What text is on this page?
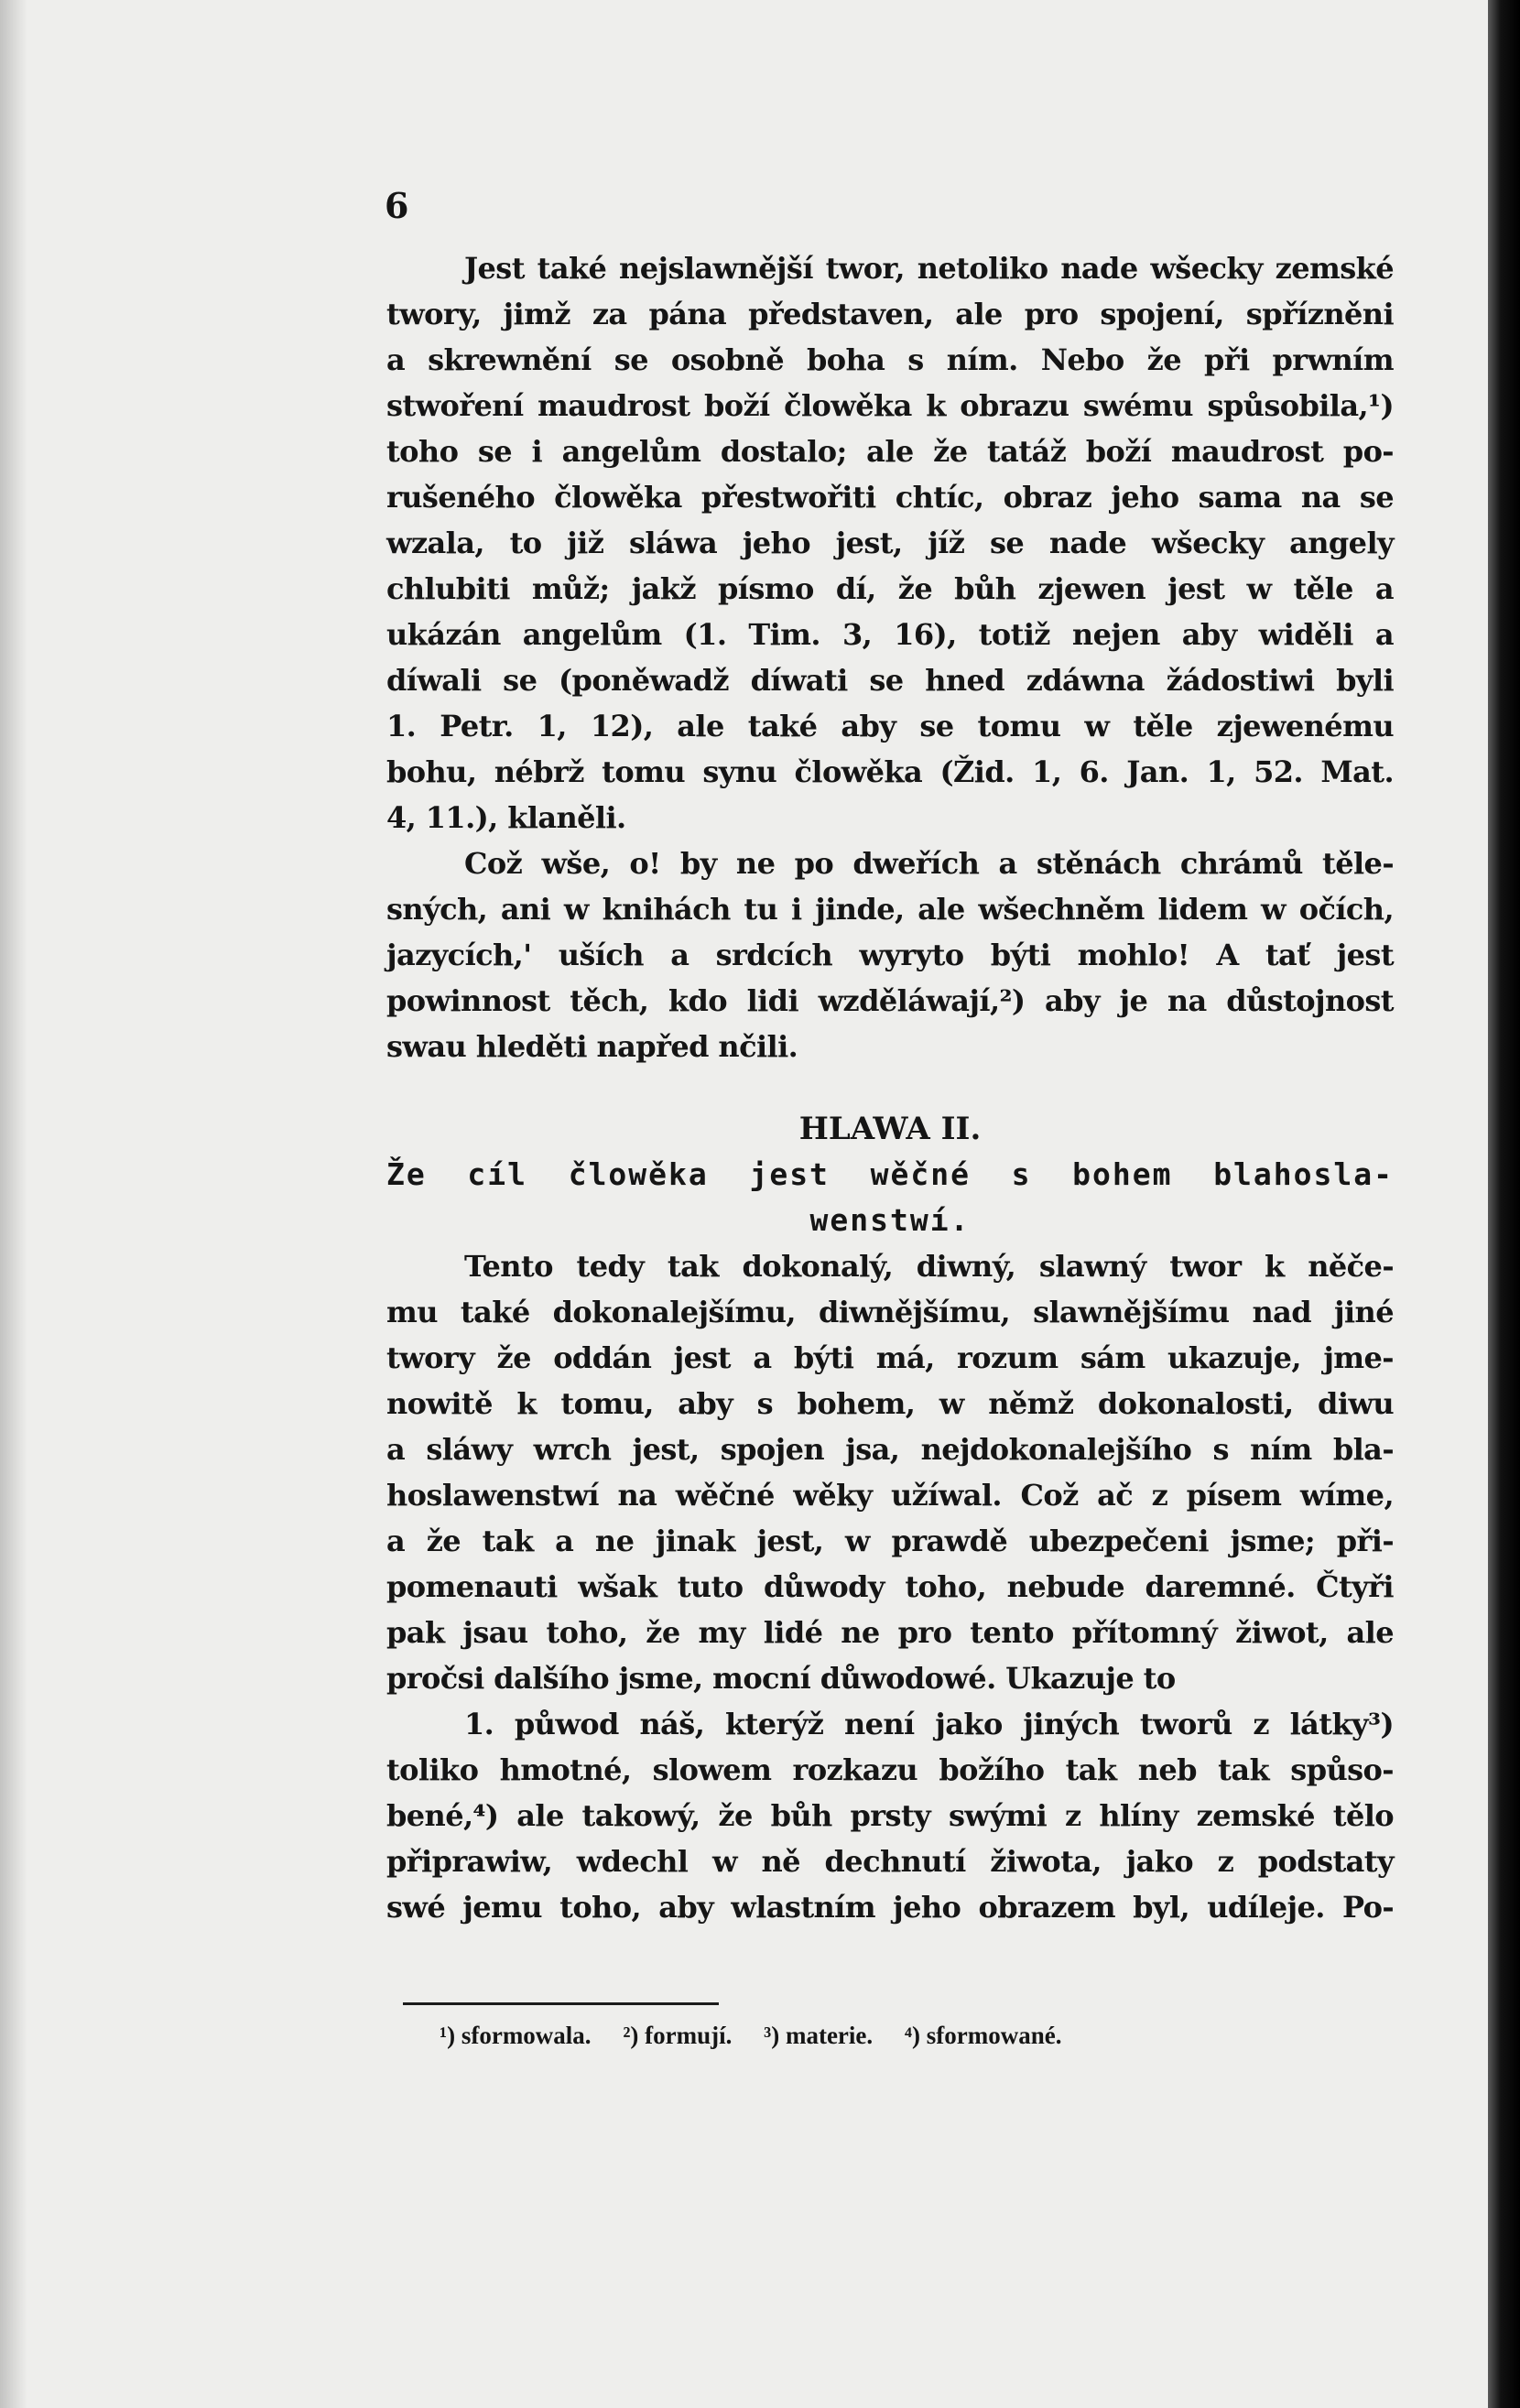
6
Jest také nejslawnější twor, netoliko nade wšecky zemské
twory, jimž za pána představen, ale pro spojení, spřízněni
a skrewnění se osobně boha s ním. Nebo že při prwním
stwoření maudrost boží člowěka k obrazu swému spůsobila,¹)
toho se i angelům dostalo; ale že tatáž boží maudrost po-
rušeného člowěka přestwořiti chtíc, obraz jeho sama na se
wzala, to již sláwa jeho jest, jíž se nade wšecky angely
chlubiti můž; jakž písmo dí, že bůh zjewen jest w těle a
ukázán angelům (1. Tim. 3, 16), totiž nejen aby widěli a
díwali se (poněwadž díwati se hned zdáwna žádostiwi byli
1. Petr. 1, 12), ale také aby se tomu w těle zjewenému
bohu, nébrž tomu synu člowěka (Žid. 1, 6. Jan. 1, 52. Mat.
4, 11.), klaněli.
Což wše, o! by ne po dweřích a stěnách chrámů těle-
sných, ani w knihách tu i jinde, ale wšechněm lidem w očích,
jazycích,' uších a srdcích wyryto býti mohlo! A tať jest
powinnost těch, kdo lidi wzděláwají,²) aby je na důstojnost
swau hleděti napřed nčili.
HLAWA II.
Že cíl člowěka jest wěčné s bohem blahosla-
wenstwí.
Tento tedy tak dokonalý, diwný, slawný twor k něče-
mu také dokonalejšímu, diwnějšímu, slawnějšímu nad jiné
twory že oddán jest a býti má, rozum sám ukazuje, jme-
nowitě k tomu, aby s bohem, w němž dokonalosti, diwu
a sláwy wrch jest, spojen jsa, nejdokonalejšího s ním bla-
hoslawenstwí na wěčné wěky užíwal. Což ač z písem wíme,
a že tak a ne jinak jest, w prawdě ubezpečeni jsme; při-
pomenauti wšak tuto důwody toho, nebude daremné. Čtyři
pak jsau toho, že my lidé ne pro tento přítomný žiwot, ale
pročsi dalšího jsme, mocní důwodowé. Ukazuje to
1. půwod náš, kterýž není jako jiných tworů z látky³)
toliko hmotné, slowem rozkazu božího tak neb tak spůso-
bené,⁴) ale takowý, že bůh prsty swými z hlíny zemské tělo
připrawiw, wdechl w ně dechnutí žiwota, jako z podstaty
swé jemu toho, aby wlastním jeho obrazem byl, udíleje. Po-
¹) sformowala. ²) formují. ³) materie. ⁴) sformowané.
